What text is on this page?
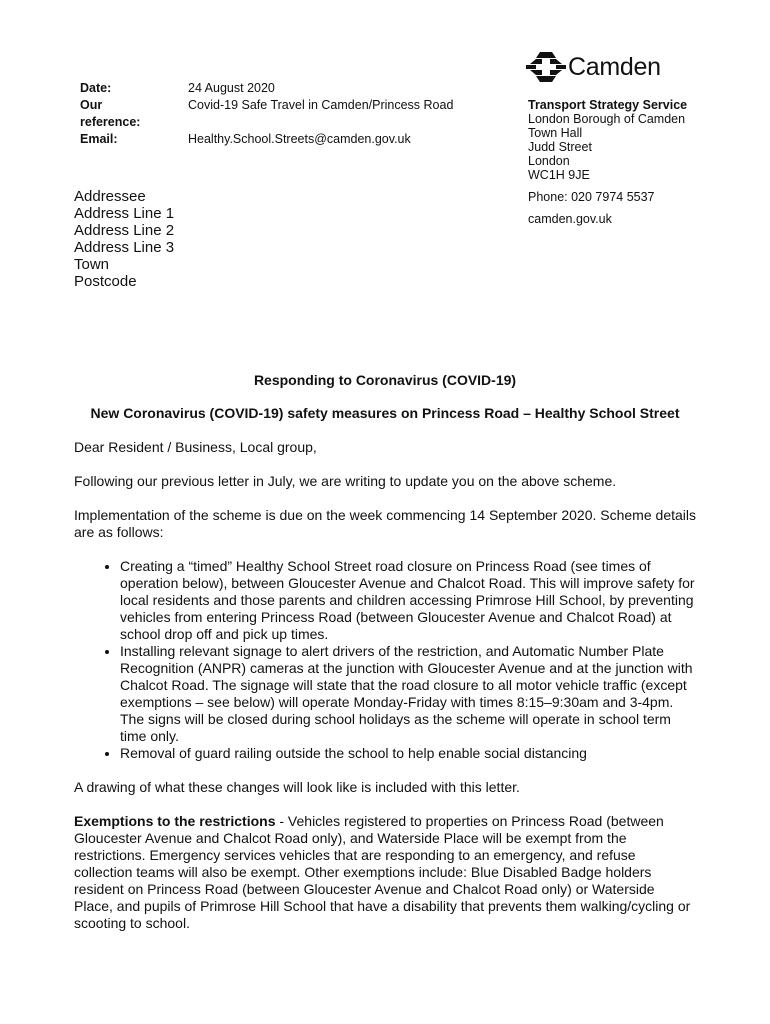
Date:
Our
reference:
Email:
24 August 2020
Covid-19 Safe Travel in Camden/Princess Road
Healthy.School.Streets@camden.gov.uk
Camden
Transport Strategy Service
London Borough of Camden
Town Hall
Judd Street
London
WC1H 9JE
Phone: 020 7974 5537
camden.gov.uk
Addressee
Address Line 1
Address Line 2
Address Line 3
Town
Postcode
Responding to Coronavirus (COVID-19)
New Coronavirus (COVID-19) safety measures on Princess Road – Healthy School Street

Dear Resident / Business, Local group,

Following our previous letter in July, we are writing to update you on the above scheme.

Implementation of the scheme is due on the week commencing 14 September 2020. Scheme details are as follows:

• Creating a “timed” Healthy School Street road closure on Princess Road (see times of operation below), between Gloucester Avenue and Chalcot Road. This will improve safety for local residents and those parents and children accessing Primrose Hill School, by preventing vehicles from entering Princess Road (between Gloucester Avenue and Chalcot Road) at school drop off and pick up times.
• Installing relevant signage to alert drivers of the restriction, and Automatic Number Plate Recognition (ANPR) cameras at the junction with Gloucester Avenue and at the junction with Chalcot Road. The signage will state that the road closure to all motor vehicle traffic (except exemptions – see below) will operate Monday-Friday with times 8:15–9:30am and 3-4pm. The signs will be closed during school holidays as the scheme will operate in school term time only.
• Removal of guard railing outside the school to help enable social distancing

A drawing of what these changes will look like is included with this letter.

Exemptions to the restrictions - Vehicles registered to properties on Princess Road (between Gloucester Avenue and Chalcot Road only), and Waterside Place will be exempt from the restrictions. Emergency services vehicles that are responding to an emergency, and refuse collection teams will also be exempt. Other exemptions include: Blue Disabled Badge holders resident on Princess Road (between Gloucester Avenue and Chalcot Road only) or Waterside Place, and pupils of Primrose Hill School that have a disability that prevents them walking/cycling or scooting to school.
